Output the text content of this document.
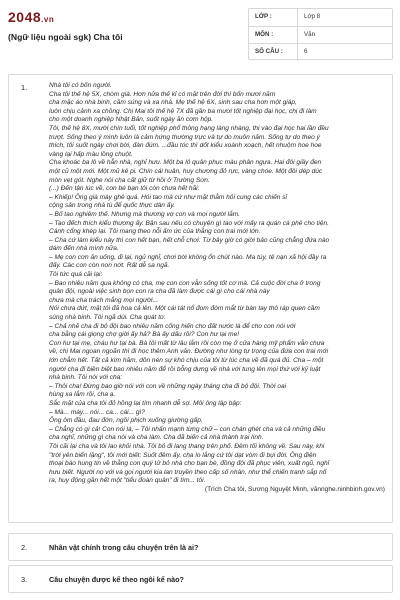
2048.vn
(Ngữ liệu ngoài sgk) Cha tôi
LỚP :	Lớp 8
MÔN :	Văn
SỐ CÂU :	6
1.	Nhà tôi có bốn người.

Cha tôi thế hệ 5X, chòm già. Hơn nửa thế kỉ có mặt trên đời thì bốn mươi năm

cha mặc áo nhà binh, cầm súng và xa nhà. Mẹ thế hệ 6X, sinh sau cha hơn một giáp,

luôn chịu cảnh xa chồng. Chị Mai tôi thế hệ 7X đã gần ba mươi tốt nghiệp đại học, chị đi làm

cho một doanh nghiệp Nhật Bản, suốt ngày ăn cơm hộp.

Tôi, thế hệ 8X, mười chín tuổi, tốt nghiệp phổ thông hạng làng nhàng, thi vào đại học hai lần đều

trượt. Sống theo ý mình luôn là cảm hứng thường trực và tự do muôn năm. Sống tự do theo ý

thích, tôi suốt ngày chơi bời, đàn đúm. ...đầu tóc thì dốt kiểu xoành xoạch, hết nhuộm hoe hoe

vàng lại hấp màu lồng chuột.

Cha khoác ba lô về hẳn nhà, nghỉ hưu. Một ba lô quân phục màu phân ngựa. Hai đôi giầy đen

một cũ một mới. Một mũ kê pi. Chín cái huân, huy chương đỏ rực, vàng chóe. Một đôi dép dúc

mòn vẹt gót. Nghe nói cha cất giữ từ hồi ở Trường Sơn.

(...) Đến tận lúc về, con bé bạn tôi còn chưa hết hãi:

– Khiếp! Ông già mày ghê quá. Hói tao mà cứ như mặt thằm hỏi cung các chiến sĩ

cộng sản trong nhà tù để quốc thực dân ấy.

– Bố tao nghiêm thế. Nhưng mà thương vợ con và mọi người lắm.

– Tao đếch thích kiểu thương ấy. Bận sau nếu có chuyện gì tao với mấy ra quán cà phê cho tiện.

Cánh cổng khép lại. Tôi mang theo nỗi ấm ức của thằng con trai mới lớn.

– Cha cứ làm kiểu này thì con hết bạn, hết chỗ chơi. Từ bây giờ có giời bảo cũng chẳng đứa nào

dám đến nhà mình nữa.

– Mẹ con cơn ăn uống, đi lại, ngủ nghỉ, chơi bời không ổn chút nào. Ma túy, tệ nạn xã hội đầy ra

đấy. Các con còn non nớt. Rất dễ sa ngã.

Tôi tức quá cãi lại:

– Bao nhiêu năm qua không có cha, mẹ con con vẫn sống tốt cơ mà. Cả cuộc đời cha ở trong

quân đội, ngoài việc sinh bọn con ra cha đã làm được cái gì cho cái nhà này

chưa mà cha trách mắng mọi người...

Nói chưa dứt, mặt tôi đã hoa cả lên. Một cái tát nổ đom đóm mắt từ bàn tay thô ráp quen cầm

súng nhà binh. Tôi ngã dúi. Cha quát to:

– Chả nhẽ cha đi bộ đội bao nhiêu năm cống hiến cho đất nước là để cho con nói với

cha bằng cái giọng chợ giời ấy hả? Bà ấy dấu rồi? Con hư lại me!

Con hư tại mẹ, cháu hư tại bà. Bà tôi mất từ lâu lắm rồi còn mẹ ở cửa hàng mỹ phẩm vẫn chưa

về, chị Mai ngoan ngoãn thì đi học thêm Anh văn. Đường như lòng tự trọng của đứa con trai mới

lớn chẳm hết. Tất cả kìm hãm, dồn nén sự khó chịu của tôi từ lúc cha về đã quá đủ. Cha – một

người cha đi biền biệt bao nhiêu năm để rồi bỗng dưng về nhà với tung lên mọi thứ với kỷ luật

nhà binh. Tôi nói với cha:

– Thôi cha! Đừng bao giờ nói với con về những ngày tháng cha đi bộ đội. Thời oai

hùng xa lắm rồi, cha ạ.

Sắc mặt của cha tôi đỏ hồng lại tím nhanh dễ sợ. Môi ông lập bập:

– Mà... mày... nói... ca... cái... gì?

Ông ôm đầu, đau đớn, ngồi phịch xuống giường gấp.

– Chẳng có gì cả! Con nói là, – Tôi nhấn mạnh từng chữ – con chán ghét cha và cả những điều

cha nghĩ, những gì cha nói và cha làm. Cha đã biến cả nhà thành trại lính.

Tôi cãi lại cha và tôi lao khỏi nhà. Tôi bỏ đi lang thang trên phố. Đêm tối không về. Sau này, khi

"trời yên biển lặng", tôi mới biết: Suốt đêm ấy, cha lo lắng cứ tôi dạt vòm đi bụi đời. Ông điện

thoại báo hung tin về thằng con quý tử bỏ nhà cho bạn bè, đồng đội đã phục viên, xuất ngũ, nghỉ

hưu biết. Người nọ với và gọi người kia lan truyền theo cấp số nhân, như thể chiến tranh sắp nổ

ra, huy động gần hết một "tiểu đoàn quân" đi tìm... tôi.

(Trích Cha tôi, Sương Nguyệt Minh, vănnghe.ninhbinh.gov.vn)

2.	Nhân vật chính trong câu chuyện trên là ai?
3.	Câu chuyện được kể theo ngôi kể nào?
